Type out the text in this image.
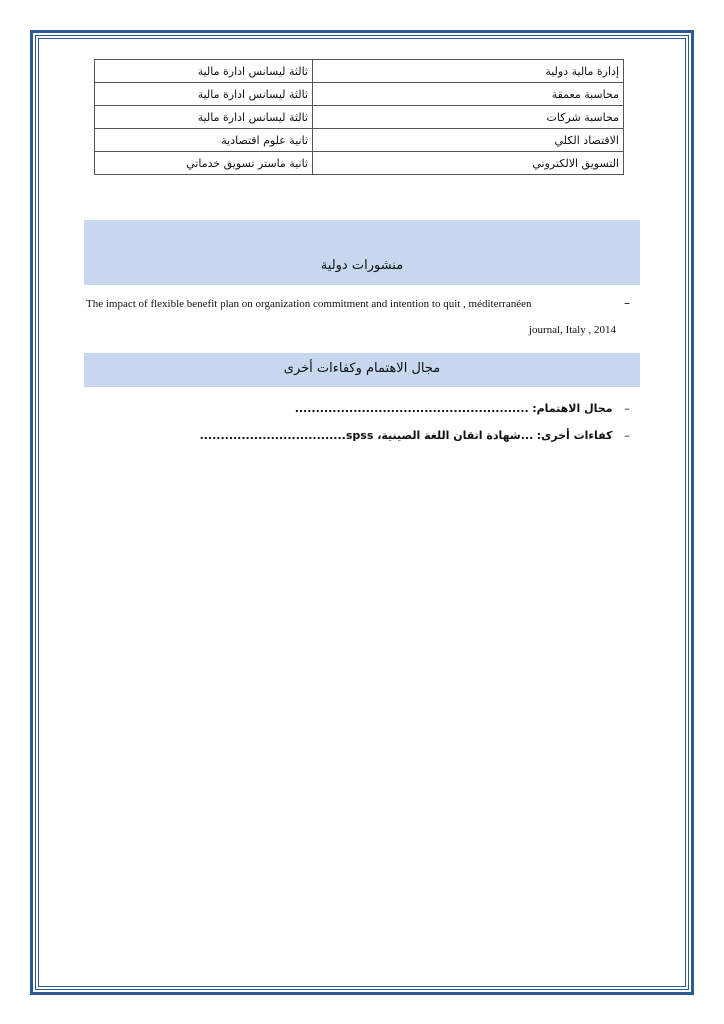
إدارة مالية دولية	ثالثة ليسانس ادارة مالية
محاسبة معمقة	ثالثة ليسانس ادارة مالية
محاسبة شركات	ثالثة ليسانس ادارة مالية
الاقتصاد الكلي	ثانية علوم اقتصادية
التسويق الالكتروني	ثانية ماستر تسويق خدماتي
منشورات دولية
–
The impact of flexible benefit plan on organization commitment and intention to quit , méditerranéen
journal, Italy , 2014
مجال الاهتمام وكفاءات أخرى
– مجال الاهتمام: ........................................................
– كفاءات أخرى: ...شهادة اتقان اللغة الصينية، spss...................................
